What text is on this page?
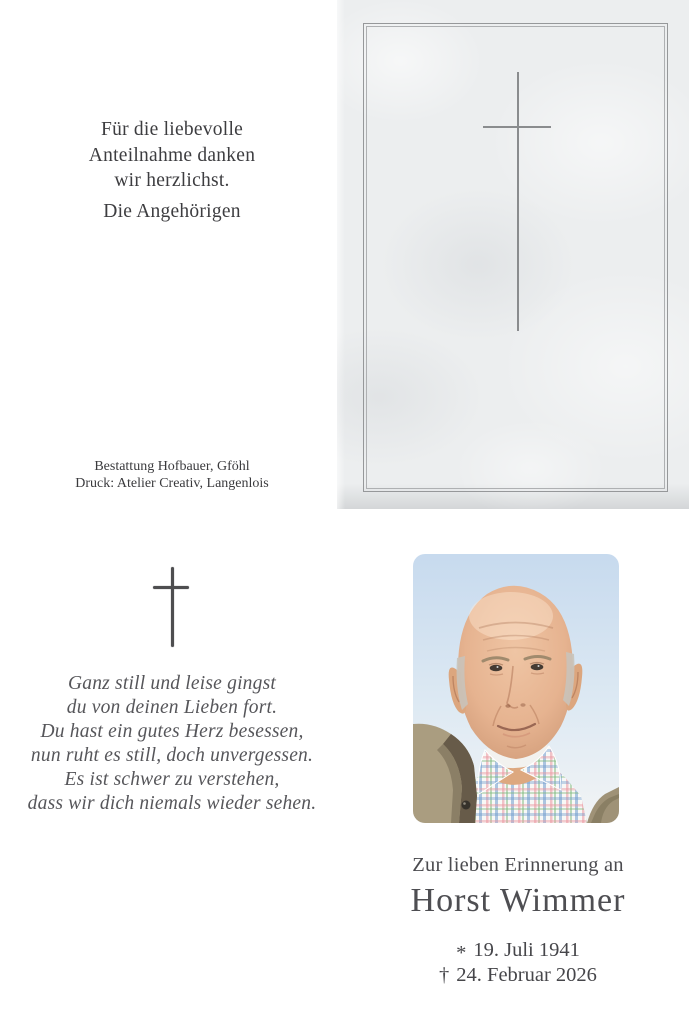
Für die liebevolle
Anteilnahme danken
wir herzlichst.
Die Angehörigen
Bestattung Hofbauer, Gföhl
Druck: Atelier Creativ, Langenlois
Ganz still und leise gingst
du von deinen Lieben fort.
Du hast ein gutes Herz besessen,
nun ruht es still, doch unvergessen.
Es ist schwer zu verstehen,
dass wir dich niemals wieder sehen.
Zur lieben Erinnerung an
Horst Wimmer
* 19. Juli 1941
† 24. Februar 2026
